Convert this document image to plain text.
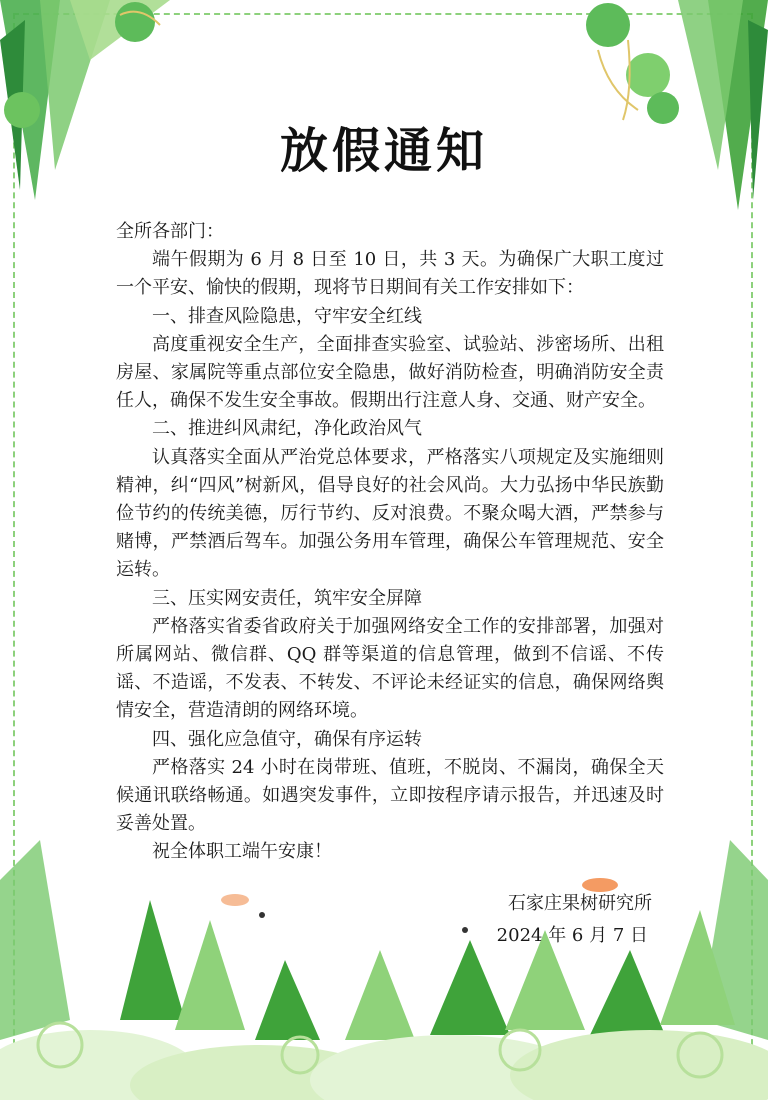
放假通知

全所各部门：

端午假期为 6 月 8 日至 10 日，共 3 天。为确保广大职工度过一个平安、愉快的假期，现将节日期间有关工作安排如下：

一、排查风险隐患，守牢安全红线

高度重视安全生产，全面排查实验室、试验站、涉密场所、出租房屋、家属院等重点部位安全隐患，做好消防检查，明确消防安全责任人，确保不发生安全事故。假期出行注意人身、交通、财产安全。

二、推进纠风肃纪，净化政治风气

认真落实全面从严治党总体要求，严格落实八项规定及实施细则精神，纠“四风”树新风，倡导良好的社会风尚。大力弘扬中华民族勤俭节约的传统美德，厉行节约、反对浪费。不聚众喝大酒，严禁参与赌博，严禁酒后驾车。加强公务用车管理，确保公车管理规范、安全运转。

三、压实网安责任，筑牢安全屏障

严格落实省委省政府关于加强网络安全工作的安排部署，加强对所属网站、微信群、QQ 群等渠道的信息管理，做到不信谣、不传谣、不造谣，不发表、不转发、不评论未经证实的信息，确保网络舆情安全，营造清朗的网络环境。

四、强化应急值守，确保有序运转

严格落实 24 小时在岗带班、值班，不脱岗、不漏岗，确保全天候通讯联络畅通。如遇突发事件，立即按程序请示报告，并迅速及时妥善处置。

祝全体职工端午安康！

石家庄果树研究所
2024 年 6 月 7 日
